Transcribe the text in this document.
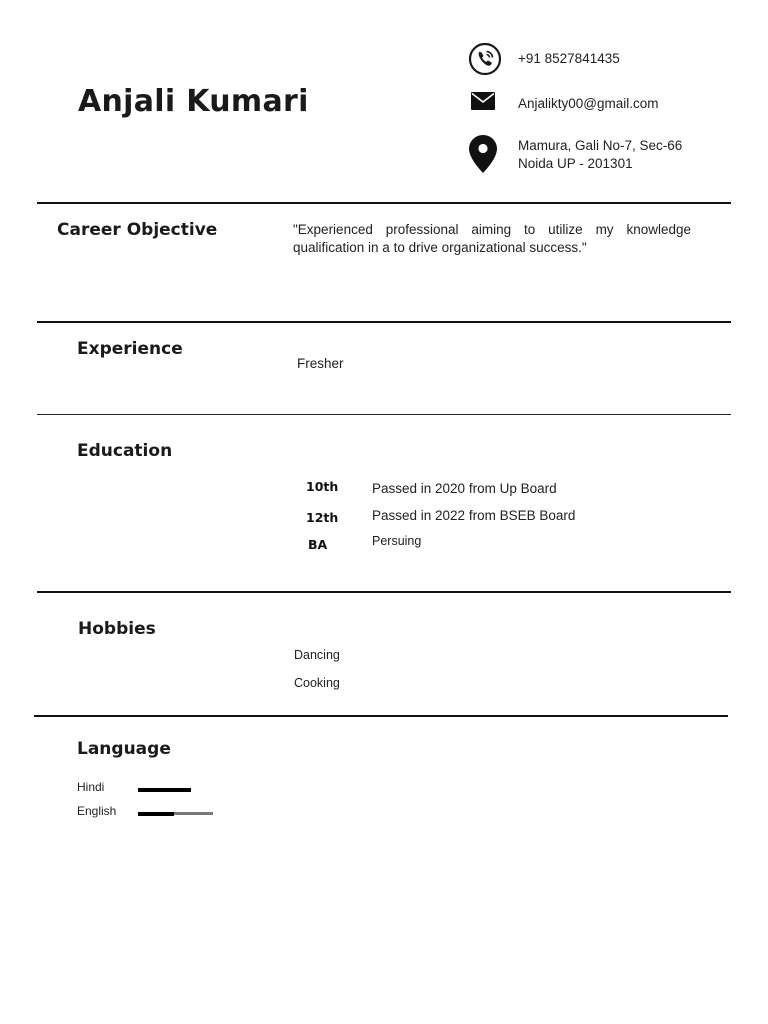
Anjali Kumari
+91 8527841435
Anjalikty00@gmail.com
Mamura, Gali No-7, Sec-66
Noida UP - 201301
Career Objective	"Experienced professional aiming to utilize my knowledge qualification in a to drive organizational success."
Experience
Fresher
Education
10th Passed in 2020 from Up Board
12th Passed in 2022 from BSEB Board
BA	Persuing
Hobbies
Dancing
Cooking
Language
Hindi
English
